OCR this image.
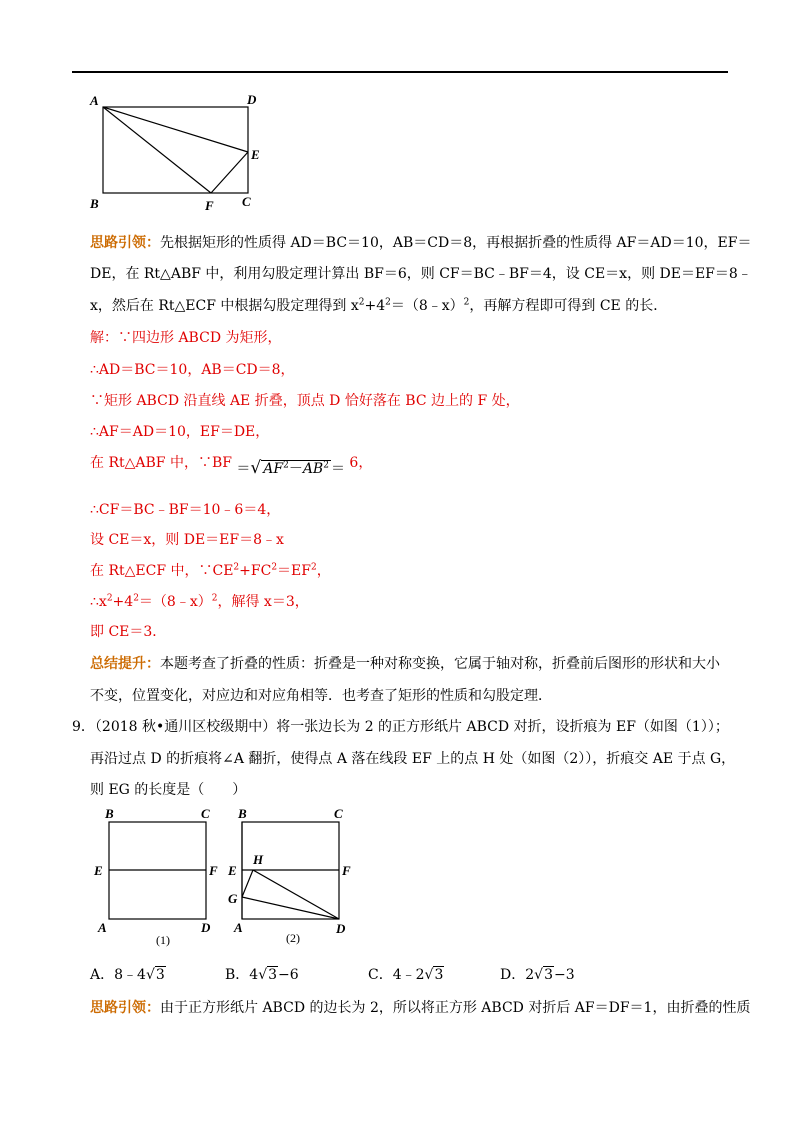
A	D
E
B	F C
思路引领：先根据矩形的性质得 AD＝BC＝10，AB＝CD＝8，再根据折叠的性质得 AF＝AD＝10，EF＝
DE，在 Rt△ABF 中，利用勾股定理计算出 BF＝6，则 CF＝BC﹣BF＝4，设 CE＝x，则 DE＝EF＝8﹣
x，然后在 Rt△ECF 中根据勾股定理得到 $x^2+4^2=(8﹣x)^2$，再解方程即可得到 CE 的长．
解：∵四边形 ABCD 为矩形，
∴AD＝BC＝10，AB＝CD＝8，
∵矩形 ABCD 沿直线 AE 折叠，顶点 D 恰好落在 BC 边上的 F 处，
∴AF＝AD＝10，EF＝DE，
在 Rt△ABF 中，∵BF ＝√ $AF^2-AB^2 = 6$，
∴CF＝BC﹣BF＝10﹣6＝4，
设 CE＝x，则 DE＝EF＝8﹣x
在 Rt△ECF 中，$\because CE^2+FC^2=EF^2$，
$\therefore x^2+4^2=(8﹣x)^2$，解得 x＝3，
即 CE＝3．
总结提升：本题考查了折叠的性质：折叠是一种对称变换，它属于轴对称，折叠前后图形的形状和大小
不变，位置变化，对应边和对应角相等．也考查了矩形的性质和勾股定理．
9．（2018 秋•通川区校级期中）将一张边长为 2 的正方形纸片 ABCD 对折，设折痕为 EF（如图（1））；
再沿过点 D 的折痕将∠A 翻折，使得点 A 落在线段 EF 上的点 H 处（如图（2）），折痕交 AE 于点 G，
则 EG 的长度是（　　）
B	C
E	F
A	D
(1)
B	C
E
H
F
G
A	D
(2)
A．8﹣4√3	B．4√3−6	C．4﹣2√3	D．2√3−3
思路引领：由于正方形纸片 ABCD 的边长为 2，所以将正方形 ABCD 对折后 AF＝DF＝1，由折叠的性质
